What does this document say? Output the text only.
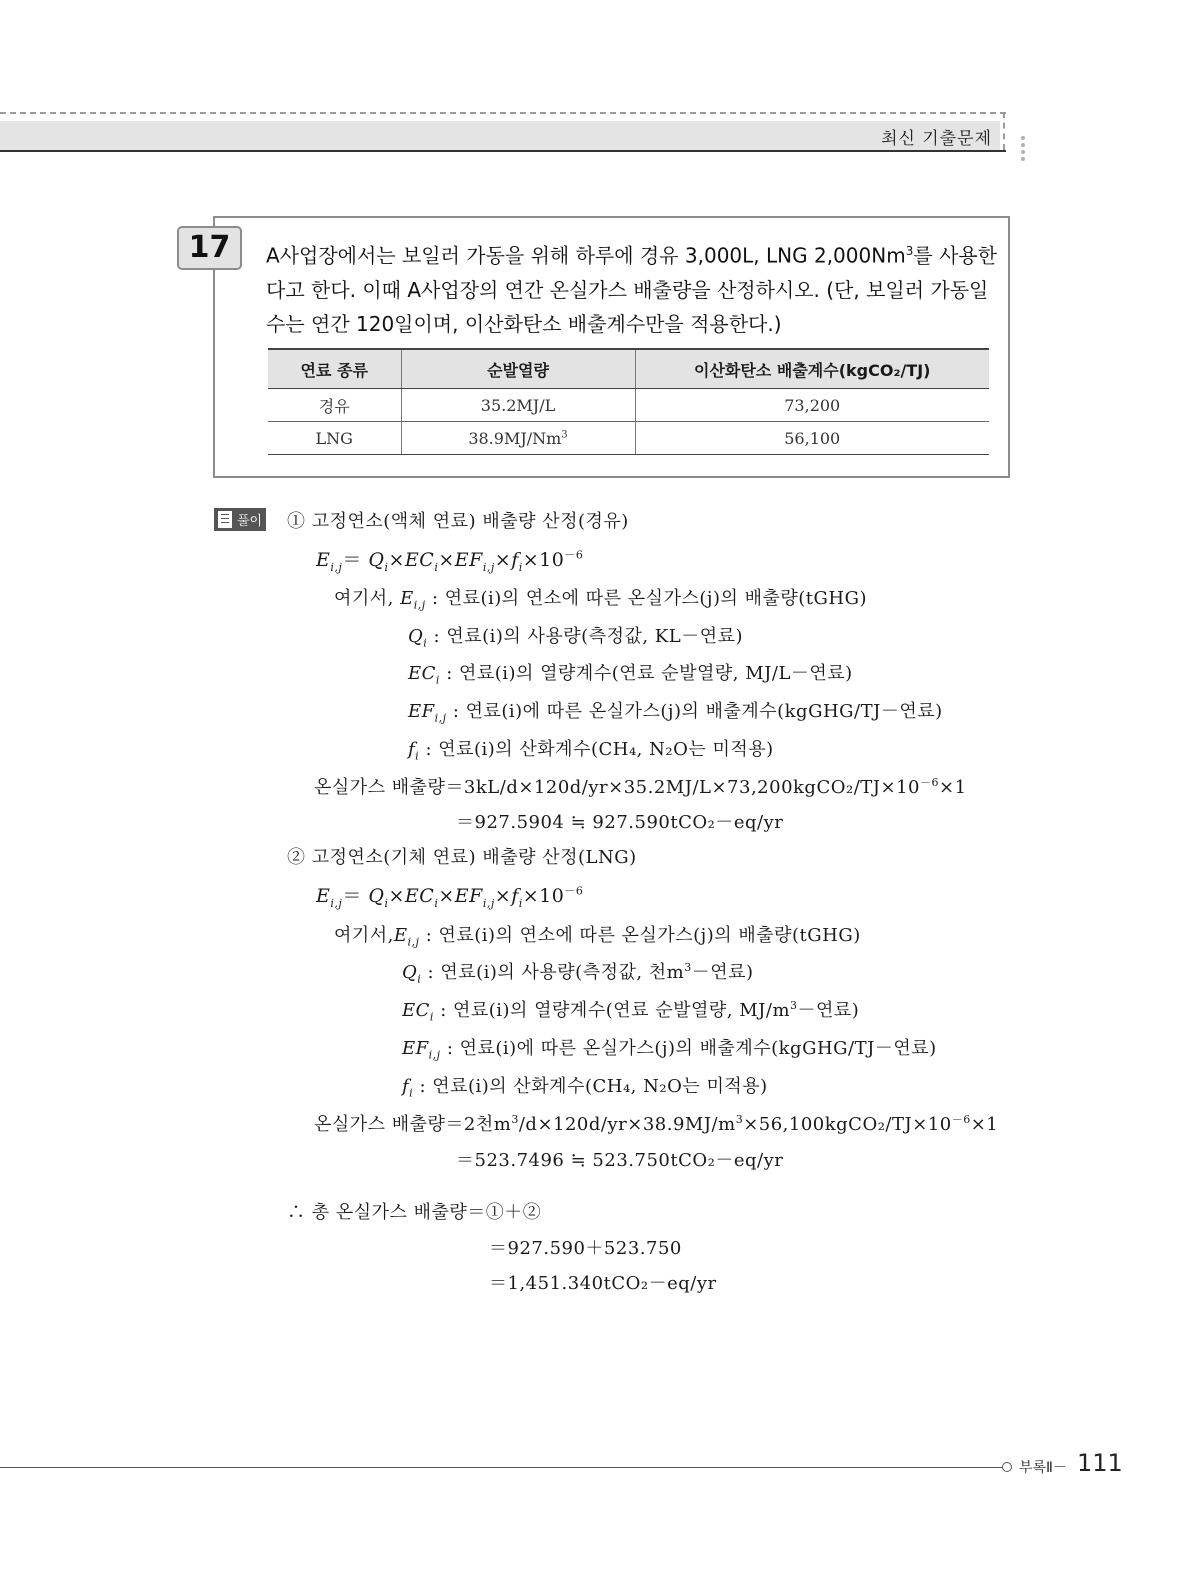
최신 기출문제
17	A사업장에서는 보일러 가동을 위해 하루에 경유 3,000L, LNG 2,000Nm$^3$를 사용한
다고 한다. 이때 A사업장의 연간 온실가스 배출량을 산정하시오. (단, 보일러 가동일
수는 연간 120일이며, 이산화탄소 배출계수만을 적용한다.)
연료 종류	순발열량	이산화탄소 배출계수(kgCO₂/TJ)
경유	35.2MJ/L	73,200
LNG	38.9MJ/Nm$^3$	56,100
풀이 ① 고정연소(액체 연료) 배출량 산정(경유)
$E_{i,j}= Q_i\times EC_i\times EF_{i,j}\times f_i\times 10^{-6}$
여기서, $E_{i,j}$ : 연료(i)의 연소에 따른 온실가스(j)의 배출량(tGHG)
$Q_i$ : 연료(i)의 사용량(측정값, KL－연료)
$EC_i$ : 연료(i)의 열량계수(연료 순발열량, MJ/L－연료)
$EF_{i,j}$ : 연료(i)에 따른 온실가스(j)의 배출계수(kgGHG/TJ－연료)
$f_i$ : 연료(i)의 산화계수(CH₄, N₂O는 미적용)
온실가스 배출량$=3kL/d\times 120d/yr\times 35.2MJ/L\times 73,200kgCO_2/TJ\times 10^{-6}\times 1$
＝927.5904 ≒ 927.590tCO₂－eq/yr
② 고정연소(기체 연료) 배출량 산정(LNG)
$E_{i,j}= Q_i\times EC_i\times EF_{i,j}\times f_i\times 10^{-6}$
여기서$,E_{i,j}$ : 연료(i)의 연소에 따른 온실가스(j)의 배출량(tGHG)
$Q_i$ : 연료(i)의 사용량(측정값, 천$m^3-$연료)
$EC_i$ : 연료(i)의 열량계수(연료 순발열량, $MJ/m^3-$연료)
$EF_{i,j}$ : 연료(i)에 따른 온실가스(j)의 배출계수(kgGHG/TJ－연료)
$f_i$ : 연료(i)의 산화계수(CH₄, N₂O는 미적용)
온실가스 배출량＝2천$m^3/d\times 120d/yr\times 38.9MJ/m^3\times 56,100kgCO_2/TJ\times 10^{-6}\times 1$
＝523.7496 ≒ 523.750tCO₂－eq/yr
∴ 총 온실가스 배출량＝①＋②
＝927.590＋523.750
＝1,451.340tCO₂－eq/yr
부록Ⅱ－ 111
